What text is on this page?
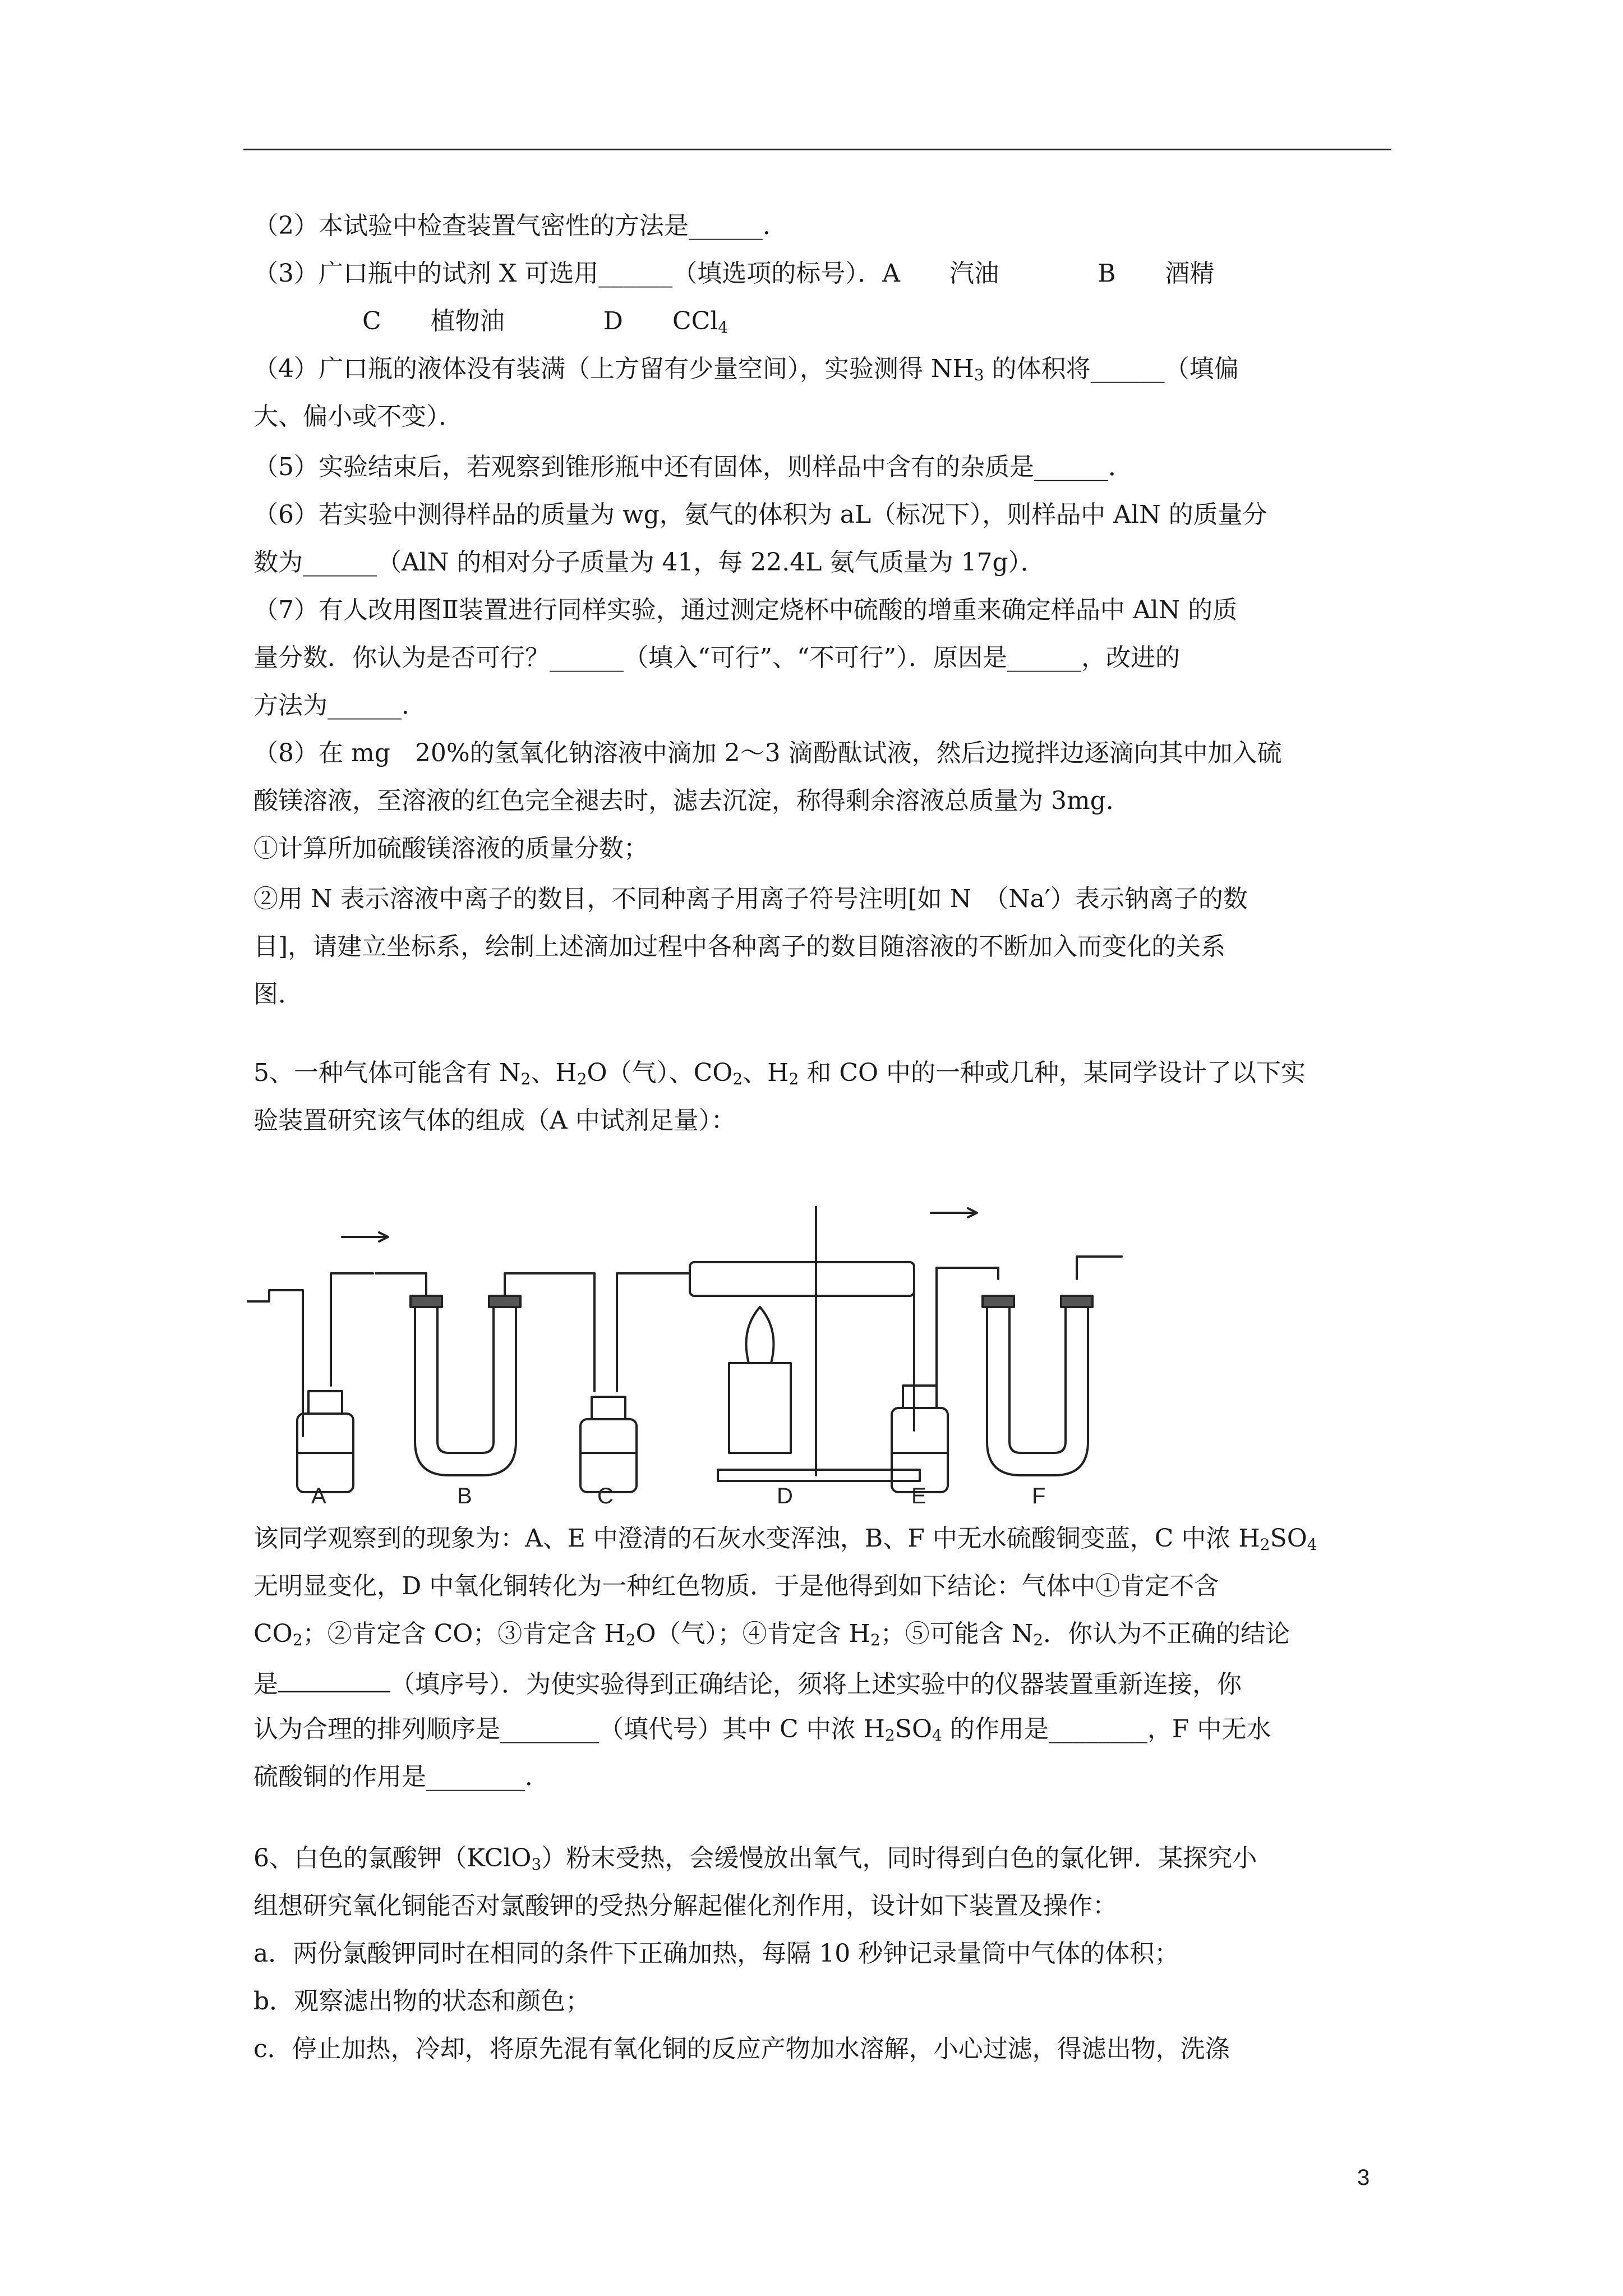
（2）本试验中检查装置气密性的方法是______．
（3）广口瓶中的试剂 X 可选用______（填选项的标号）．A　　汽油　　　　B　　酒精
C　　植物油　　　　D　　CCl$_4$
（4）广口瓶的液体没有装满（上方留有少量空间），实验测得 $NH_3$ 的体积将______（填偏
大、偏小或不变）．
（5）实验结束后，若观察到锥形瓶中还有固体，则样品中含有的杂质是______．
（6）若实验中测得样品的质量为 wg，氨气的体积为 aL（标况下），则样品中 AlN 的质量分
数为______（AlN 的相对分子质量为 41，每 22.4L 氨气质量为 17g）．
（7）有人改用图Ⅱ装置进行同样实验，通过测定烧杯中硫酸的增重来确定样品中 AlN 的质
量分数．你认为是否可行？______（填入“可行”、“不可行”）．原因是______，改进的
方法为______．
（8）在 mg　20%的氢氧化钠溶液中滴加 2～3 滴酚酞试液，然后边搅拌边逐滴向其中加入硫
酸镁溶液，至溶液的红色完全褪去时，滤去沉淀，称得剩余溶液总质量为 3mg．
①计算所加硫酸镁溶液的质量分数；
②用 N 表示溶液中离子的数目，不同种离子用离子符号注明[如 N　（Na′）表示钠离子的数
目]，请建立坐标系，绘制上述滴加过程中各种离子的数目随溶液的不断加入而变化的关系
图．
5、一种气体可能含有 $N_2$、$H_2O$（气）、$CO_2$、$H_2$ 和 CO 中的一种或几种，某同学设计了以下实
验装置研究该气体的组成（A 中试剂足量）：
A	B	C	D	E	F
该同学观察到的现象为：A、E 中澄清的石灰水变浑浊，B、F 中无水硫酸铜变蓝，C 中浓 $H_2SO_4$
无明显变化，D 中氧化铜转化为一种红色物质．于是他得到如下结论：气体中①肯定不含
$CO_2$；②肯定含 CO；③肯定含 $H_2O$（气）；④肯定含 $H_2$；⑤可能含 $N_2$．你认为不正确的结论
是	（填序号）．为使实验得到正确结论，须将上述实验中的仪器装置重新连接，你
认为合理的排列顺序是________（填代号）其中 C 中浓 $H_2SO_4$ 的作用是________，F 中无水
硫酸铜的作用是________．
6、白色的氯酸钾（KClO$_3$）粉末受热，会缓慢放出氧气，同时得到白色的氯化钾．某探究小
组想研究氧化铜能否对氯酸钾的受热分解起催化剂作用，设计如下装置及操作：
a．两份氯酸钾同时在相同的条件下正确加热，每隔 10 秒钟记录量筒中气体的体积；
b．观察滤出物的状态和颜色；
c．停止加热，冷却，将原先混有氧化铜的反应产物加水溶解，小心过滤，得滤出物，洗涤
3
